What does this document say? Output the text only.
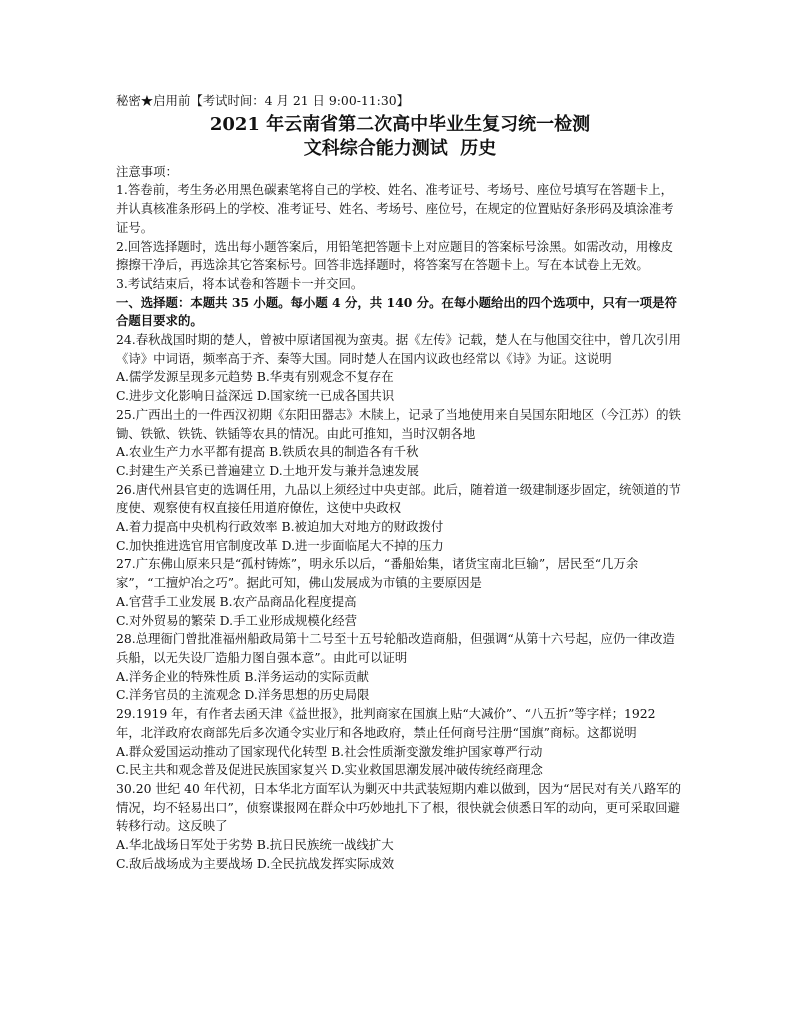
秘密★启用前【考试时间：4 月 21 日 9:00-11:30】
2021 年云南省第二次高中毕业生复习统一检测
文科综合能力测试  历史
注意事项：
1.答卷前，考生务必用黑色碳素笔将自己的学校、姓名、准考证号、考场号、座位号填写在答题卡上，并认真核准条形码上的学校、准考证号、姓名、考场号、座位号，在规定的位置贴好条形码及填涂准考证号。
2.回答选择题时，选出每小题答案后，用铅笔把答题卡上对应题目的答案标号涂黑。如需改动，用橡皮擦擦干净后，再选涂其它答案标号。回答非选择题时，将答案写在答题卡上。写在本试卷上无效。
3.考试结束后，将本试卷和答题卡一并交回。
一、选择题：本题共 35 小题。每小题 4 分，共 140 分。在每小题给出的四个选项中，只有一项是符合题目要求的。
24.春秋战国时期的楚人，曾被中原诸国视为蛮夷。据《左传》记载，楚人在与他国交往中，曾几次引用《诗》中词语，频率高于齐、秦等大国。同时楚人在国内议政也经常以《诗》为证。这说明
A.儒学发源呈现多元趋势 B.华夷有别观念不复存在
C.进步文化影响日益深远 D.国家统一已成各国共识
25.广西出土的一件西汉初期《东阳田器志》木牍上，记录了当地使用来自吴国东阳地区（今江苏）的铁锄、铁锨、铁铣、铁锸等农具的情况。由此可推知，当时汉朝各地
A.农业生产力水平都有提高 B.铁质农具的制造各有千秋
C.封建生产关系已普遍建立 D.土地开发与兼并急速发展
26.唐代州县官吏的选调任用，九品以上须经过中央吏部。此后，随着道一级建制逐步固定，统领道的节度使、观察使有权直接任用道府僚佐，这使中央政权
A.着力提高中央机构行政效率 B.被迫加大对地方的财政拨付
C.加快推进选官用官制度改革 D.进一步面临尾大不掉的压力
27.广东佛山原来只是“孤村铸炼”，明永乐以后，“番船始集，诸货宝南北巨输”，居民至“几万余家”，“工擅炉冶之巧”。据此可知，佛山发展成为市镇的主要原因是
A.官营手工业发展 B.农产品商品化程度提高
C.对外贸易的繁荣 D.手工业形成规模化经营
28.总理衙门曾批准福州船政局第十二号至十五号轮船改造商船，但强调“从第十六号起，应仍一律改造兵船，以无失设厂造船力图自强本意”。由此可以证明
A.洋务企业的特殊性质 B.洋务运动的实际贡献
C.洋务官员的主流观念 D.洋务思想的历史局限
29.1919 年，有作者去函天津《益世报》，批判商家在国旗上贴“大减价”、“八五折”等字样；1922 年，北洋政府农商部先后多次通令实业厅和各地政府，禁止任何商号注册“国旗”商标。这都说明
A.群众爱国运动推动了国家现代化转型 B.社会性质渐变激发维护国家尊严行动
C.民主共和观念普及促进民族国家复兴 D.实业救国思潮发展冲破传统经商理念
30.20 世纪 40 年代初，日本华北方面军认为剿灭中共武装短期内难以做到，因为“居民对有关八路军的情况，均不轻易出口”，侦察谍报网在群众中巧妙地扎下了根，很快就会侦悉日军的动向，更可采取回避转移行动。这反映了
A.华北战场日军处于劣势 B.抗日民族统一战线扩大
C.敌后战场成为主要战场 D.全民抗战发挥实际成效
